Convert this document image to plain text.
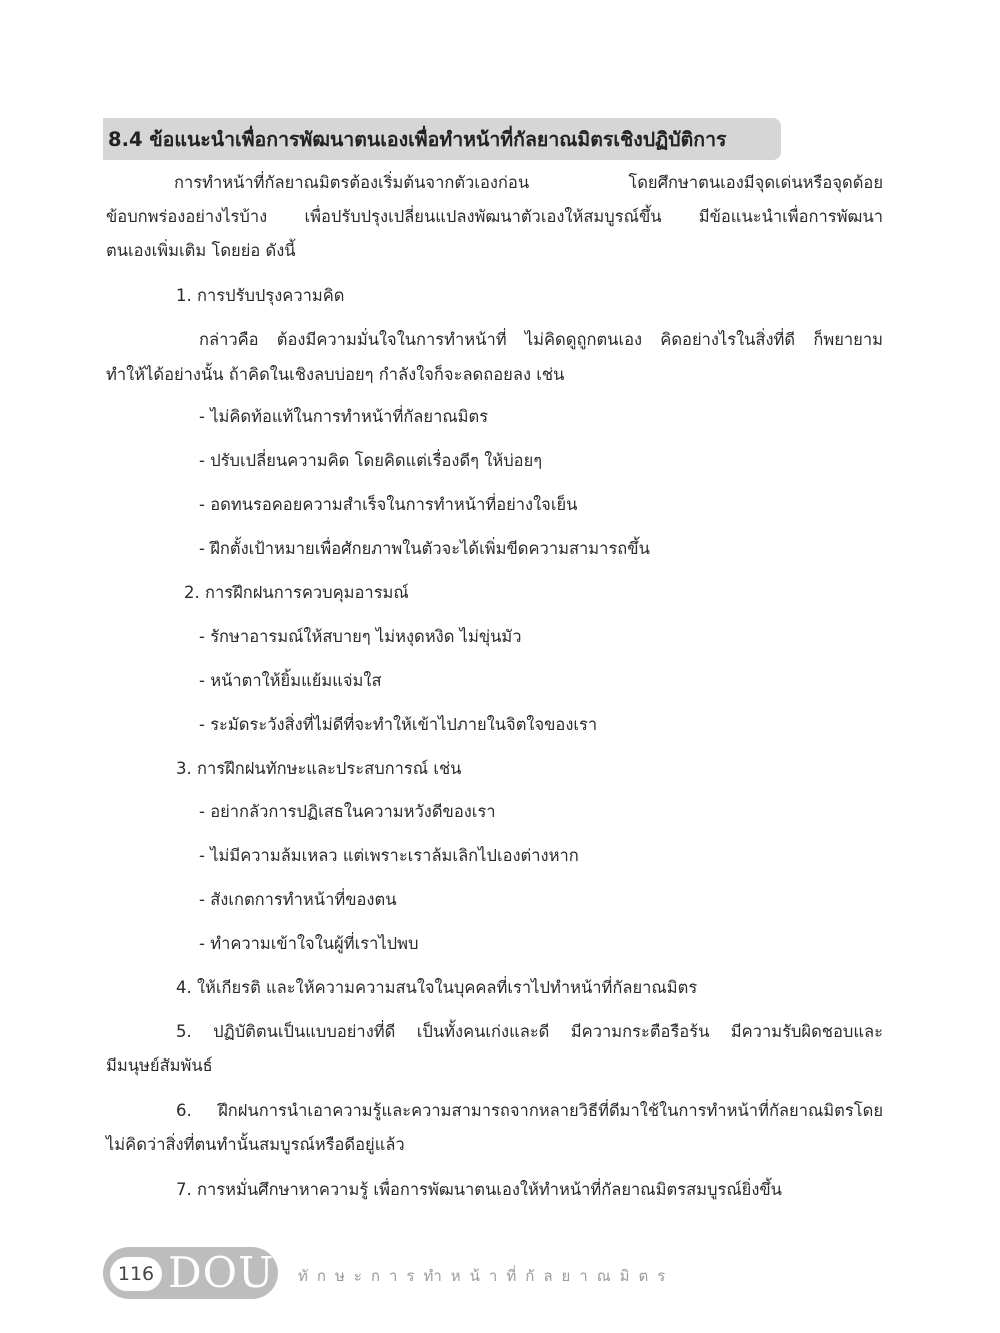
8.4 ข้อแนะนำเพื่อการพัฒนาตนเองเพื่อทำหน้าที่กัลยาณมิตรเชิงปฏิบัติการ

การทำหน้าที่กัลยาณมิตรต้องเริ่มต้นจากตัวเองก่อน โดยศึกษาตนเองมีจุดเด่นหรือจุดด้อย

ข้อบกพร่องอย่างไรบ้าง เพื่อปรับปรุงเปลี่ยนแปลงพัฒนาตัวเองให้สมบูรณ์ขึ้น มีข้อแนะนำเพื่อการพัฒนา

ตนเองเพิ่มเติม โดยย่อ ดังนี้

1. การปรับปรุงความคิด

กล่าวคือ ต้องมีความมั่นใจในการทำหน้าที่ ไม่คิดดูถูกตนเอง คิดอย่างไรในสิ่งที่ดี ก็พยายาม

ทำให้ได้อย่างนั้น ถ้าคิดในเชิงลบบ่อยๆ กำลังใจก็จะลดถอยลง เช่น

- ไม่คิดท้อแท้ในการทำหน้าที่กัลยาณมิตร

- ปรับเปลี่ยนความคิด โดยคิดแต่เรื่องดีๆ ให้บ่อยๆ

- อดทนรอคอยความสำเร็จในการทำหน้าที่อย่างใจเย็น

- ฝึกตั้งเป้าหมายเพื่อศักยภาพในตัวจะได้เพิ่มขีดความสามารถขึ้น

2. การฝึกฝนการควบคุมอารมณ์

- รักษาอารมณ์ให้สบายๆ ไม่หงุดหงิด ไม่ขุ่นมัว

- หน้าตาให้ยิ้มแย้มแจ่มใส

- ระมัดระวังสิ่งที่ไม่ดีที่จะทำให้เข้าไปภายในจิตใจของเรา

3. การฝึกฝนทักษะและประสบการณ์ เช่น

- อย่ากลัวการปฏิเสธในความหวังดีของเรา

- ไม่มีความล้มเหลว แต่เพราะเราล้มเลิกไปเองต่างหาก

- สังเกตการทำหน้าที่ของตน

- ทำความเข้าใจในผู้ที่เราไปพบ

4. ให้เกียรติ และให้ความความสนใจในบุคคลที่เราไปทำหน้าที่กัลยาณมิตร

5. ปฏิบัติตนเป็นแบบอย่างที่ดี เป็นทั้งคนเก่งและดี มีความกระตือรือร้น มีความรับผิดชอบและ

มีมนุษย์สัมพันธ์

6. ฝึกฝนการนำเอาความรู้และความสามารถจากหลายวิธีที่ดีมาใช้ในการทำหน้าที่กัลยาณมิตรโดย

ไม่คิดว่าสิ่งที่ตนทำนั้นสมบูรณ์หรือดีอยู่แล้ว

7. การหมั่นศึกษาหาความรู้ เพื่อการพัฒนาตนเองให้ทำหน้าที่กัลยาณมิตรสมบูรณ์ยิ่งขึ้น

116 DOU ทักษะการทำหน้าที่กัลยาณมิตร
